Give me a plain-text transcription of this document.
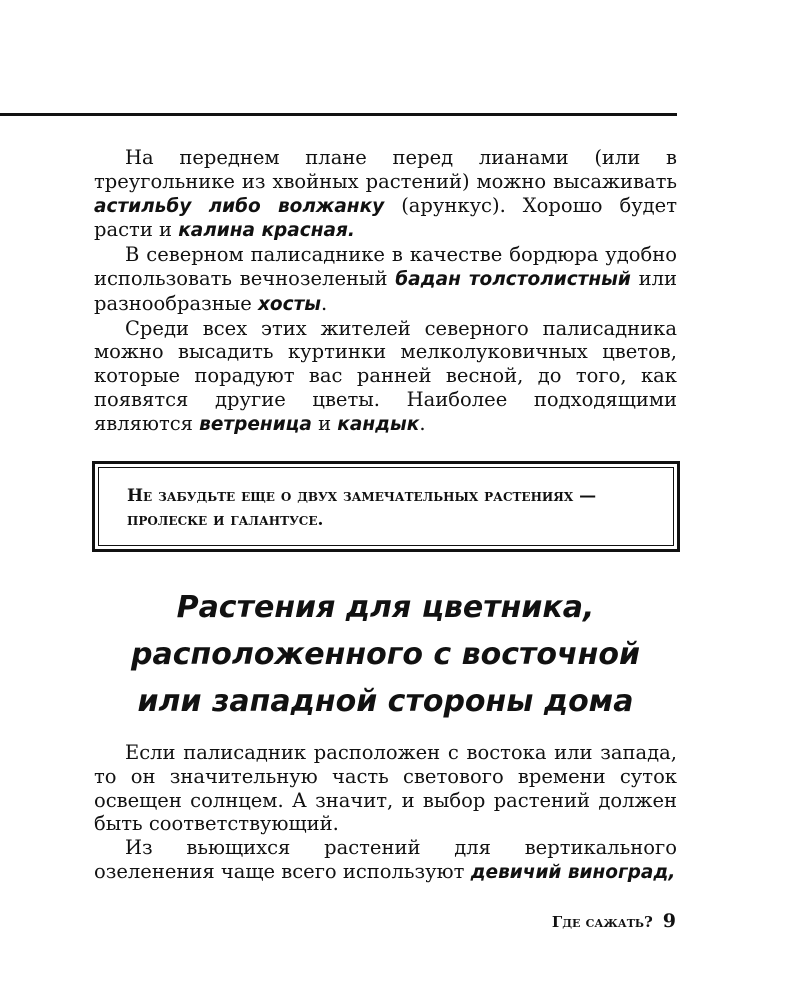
На переднем плане перед лианами (или в треугольнике из хвойных растений) можно высаживать астильбу либо волжанку (арункус). Хорошо будет расти и калина красная.

В северном палисаднике в качестве бордюра удобно использовать вечнозеленый бадан толстолистный или разнообразные хосты.

Среди всех этих жителей северного палисадника можно высадить куртинки мелколуковичных цветов, которые порадуют вас ранней весной, до того, как появятся другие цветы. Наиболее подходящими являются ветреница и кандык.

Не забудьте еще о двух замечательных растениях —
пролеске и галантусе.

Растения для цветника,
расположенного с восточной
или западной стороны дома

Если палисадник расположен с востока или запада, то он значительную часть светового времени суток освещен солнцем. А значит, и выбор растений должен быть соответствующий.

Из вьющихся растений для вертикального озеленения чаще всего используют девичий виноград,

Где сажать? 9
